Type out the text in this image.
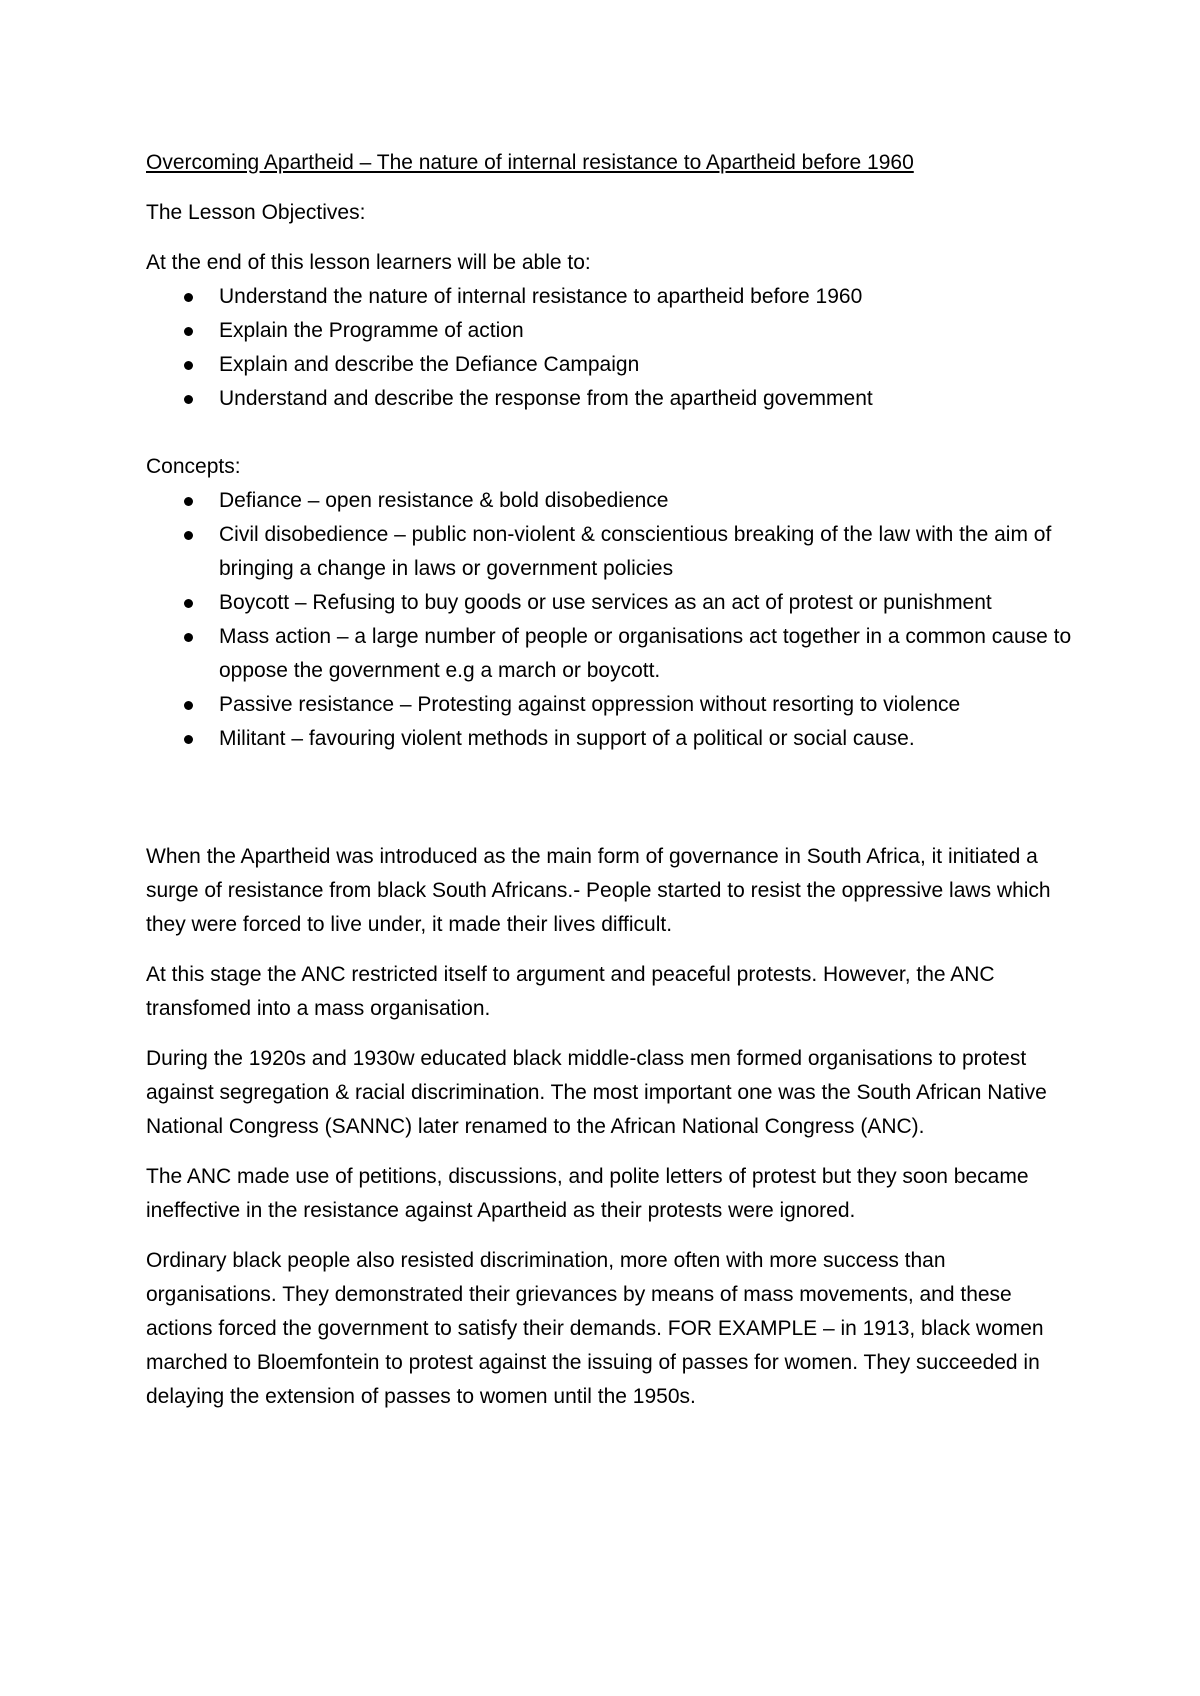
Overcoming Apartheid – The nature of internal resistance to Apartheid before 1960
The Lesson Objectives:
At the end of this lesson learners will be able to:
Understand the nature of internal resistance to apartheid before 1960
Explain the Programme of action
Explain and describe the Defiance Campaign
Understand and describe the response from the apartheid govemment
Concepts:
Defiance – open resistance & bold disobedience
Civil disobedience – public non-violent & conscientious breaking of the law with the aim of bringing a change in laws or government policies
Boycott – Refusing to buy goods or use services as an act of protest or punishment
Mass action – a large number of people or organisations act together in a common cause to oppose the government e.g a march or boycott.
Passive resistance – Protesting against oppression without resorting to violence
Militant – favouring violent methods in support of a political or social cause.

When the Apartheid was introduced as the main form of governance in South Africa, it initiated a surge of resistance from black South Africans.- People started to resist the oppressive laws which they were forced to live under, it made their lives difficult.

At this stage the ANC restricted itself to argument and peaceful protests. However, the ANC transfomed into a mass organisation.

During the 1920s and 1930w educated black middle-class men formed organisations to protest against segregation & racial discrimination. The most important one was the South African Native National Congress (SANNC) later renamed to the African National Congress (ANC).

The ANC made use of petitions, discussions, and polite letters of protest but they soon became ineffective in the resistance against Apartheid as their protests were ignored.

Ordinary black people also resisted discrimination, more often with more success than organisations. They demonstrated their grievances by means of mass movements, and these actions forced the government to satisfy their demands. FOR EXAMPLE – in 1913, black women marched to Bloemfontein to protest against the issuing of passes for women. They succeeded in delaying the extension of passes to women until the 1950s.
